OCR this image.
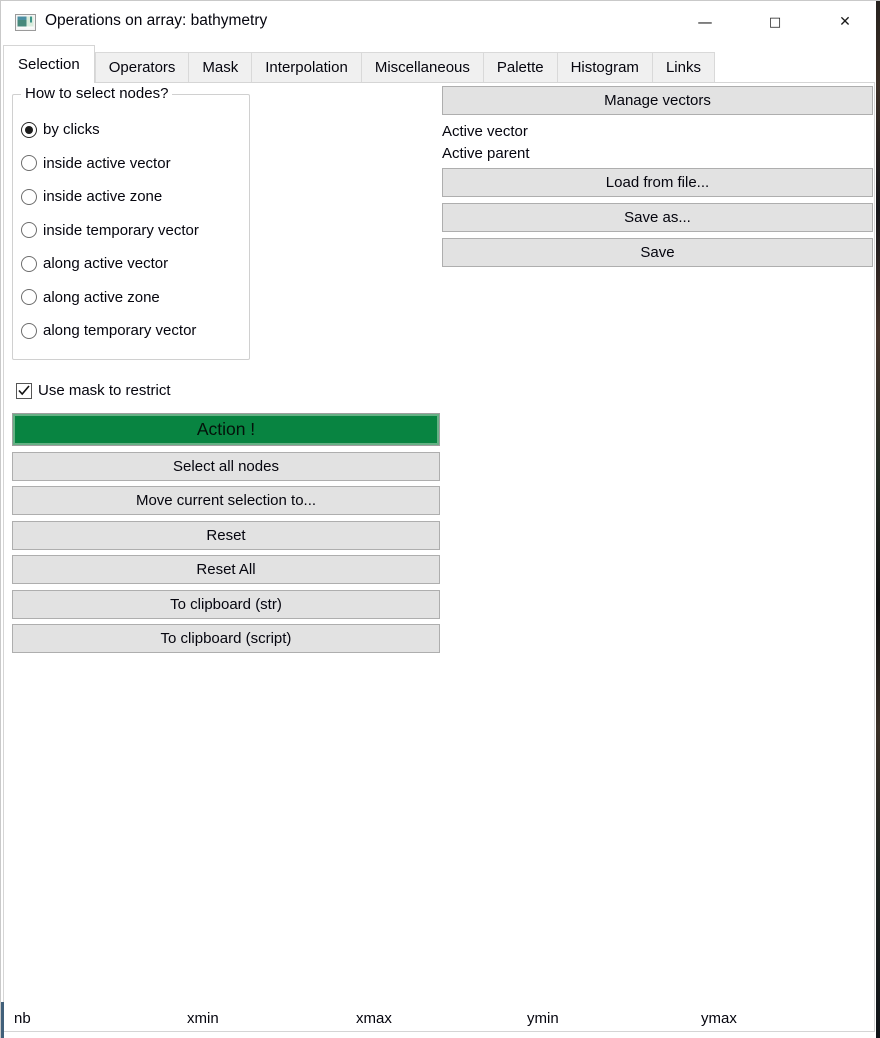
Operations on array: bathymetry	—	□	✕
Selection	Operators	Mask	Interpolation	Miscellaneous	Palette	Histogram	Links
How to select nodes?
by clicks
inside active vector
inside active zone
inside temporary vector
along active vector
along active zone
along temporary vector
Use mask to restrict
Action !
Select all nodes
Move current selection to...
Reset
Reset All
To clipboard (str)
To clipboard (script)
Manage vectors
Active vector
Active parent
Load from file...
Save as...
Save
nb	xmin	xmax	ymin	ymax
